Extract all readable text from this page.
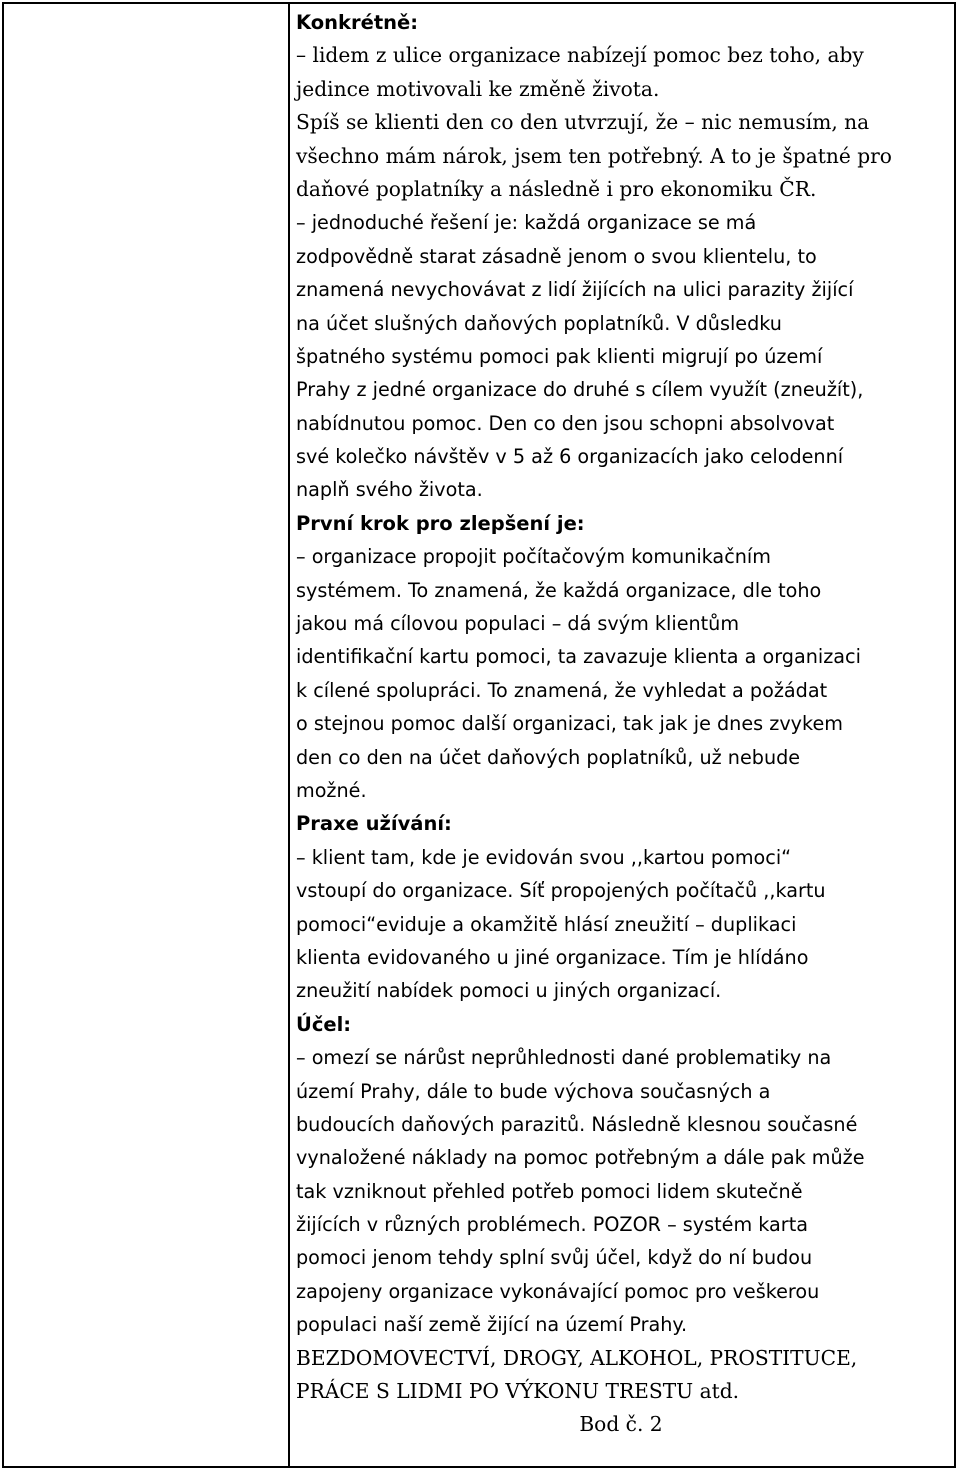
Konkrétně:
– lidem z ulice organizace nabízejí pomoc bez toho, aby
jedince motivovali ke změně života.
Spíš se klienti den co den utvrzují, že – nic nemusím, na
všechno mám nárok, jsem ten potřebný. A to je špatné pro
daňové poplatníky a následně i pro ekonomiku ČR.
– jednoduché řešení je: každá organizace se má
zodpovědně starat zásadně jenom o svou klientelu, to
znamená nevychovávat z lidí žijících na ulici parazity žijící
na účet slušných daňových poplatníků. V důsledku
špatného systému pomoci pak klienti migrují po území
Prahy z jedné organizace do druhé s cílem využít (zneužít),
nabídnutou pomoc. Den co den jsou schopni absolvovat
své kolečko návštěv v 5 až 6 organizacích jako celodenní
naplň svého života.
První krok pro zlepšení je:
– organizace propojit počítačovým komunikačním
systémem. To znamená, že každá organizace, dle toho
jakou má cílovou populaci – dá svým klientům
identifikační kartu pomoci, ta zavazuje klienta a organizaci
k cílené spolupráci. To znamená, že vyhledat a požádat
o stejnou pomoc další organizaci, tak jak je dnes zvykem
den co den na účet daňových poplatníků, už nebude
možné.
Praxe užívání:
– klient tam, kde je evidován svou ,,kartou pomoci“
vstoupí do organizace. Síť propojených počítačů ,,kartu
pomoci“eviduje a okamžitě hlásí zneužití – duplikaci
klienta evidovaného u jiné organizace. Tím je hlídáno
zneužití nabídek pomoci u jiných organizací.
Účel:
– omezí se nárůst neprůhlednosti dané problematiky na
území Prahy, dále to bude výchova současných a
budoucích daňových parazitů. Následně klesnou současné
vynaložené náklady na pomoc potřebným a dále pak může
tak vzniknout přehled potřeb pomoci lidem skutečně
žijících v různých problémech. POZOR – systém karta
pomoci jenom tehdy splní svůj účel, když do ní budou
zapojeny organizace vykonávající pomoc pro veškerou
populaci naší země žijící na území Prahy.
BEZDOMOVECTVÍ, DROGY, ALKOHOL, PROSTITUCE,
PRÁCE S LIDMI PO VÝKONU TRESTU atd.
Bod č. 2
